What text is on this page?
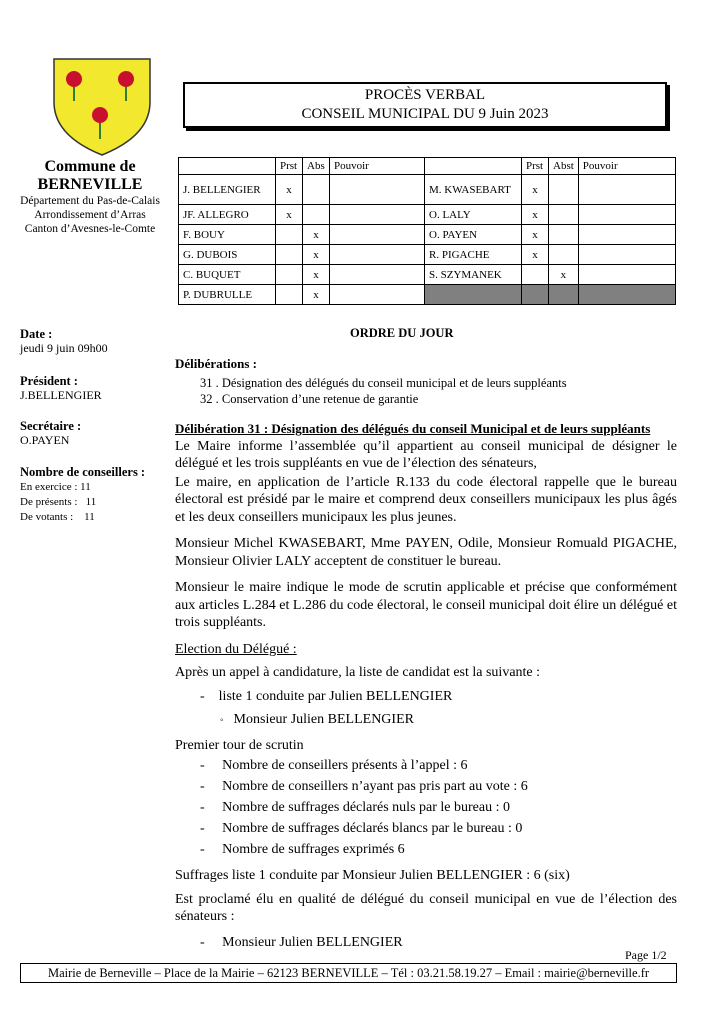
PROCÈS VERBAL
CONSEIL MUNICIPAL DU 9 Juin 2023
Commune de
BERNEVILLE
Département du Pas-de-Calais
Arrondissement d’Arras
Canton d’Avesnes-le-Comte
	Prst	Abs	Pouvoir		Prst	Abst	Pouvoir
J. BELLENGIER	x			M. KWASEBART	x		
JF. ALLEGRO	x			O. LALY	x		
F. BOUY		x		O. PAYEN	x		
G. DUBOIS		x		R. PIGACHE	x		
C. BUQUET		x		S. SZYMANEK		x	
P. DUBRULLE		x					
Date :
jeudi 9 juin 09h00
Président :
J.BELLENGIER
Secrétaire :
O.PAYEN
Nombre de conseillers :
En exercice : 11
De présents :   11
De votants :    11
ORDRE DU JOUR
Délibérations :
31 . Désignation des délégués du conseil municipal et de leurs suppléants
32 . Conservation d’une retenue de garantie
Délibération 31 : Désignation des délégués du conseil Municipal et de leurs suppléants
Le Maire informe l’assemblée qu’il appartient au conseil municipal de désigner le délégué et les trois suppléants en vue de l’élection des sénateurs,
Le maire, en application de l’article R.133 du code électoral rappelle que le bureau électoral est présidé par le maire et comprend deux conseillers municipaux les plus âgés et les deux conseillers municipaux les plus jeunes.
Monsieur Michel KWASEBART, Mme PAYEN, Odile, Monsieur Romuald PIGACHE, Monsieur Olivier LALY acceptent de constituer le bureau.
Monsieur le maire indique le mode de scrutin applicable et précise que conformément aux articles L.284 et L.286 du code électoral, le conseil municipal doit élire un délégué et trois suppléants.
Election du Délégué :
Après un appel à candidature, la liste de candidat est la suivante :
-    liste 1 conduite par Julien BELLENGIER
◦    Monsieur Julien BELLENGIER
Premier tour de scrutin
-     Nombre de conseillers présents à l’appel : 6
-     Nombre de conseillers n’ayant pas pris part au vote : 6
-     Nombre de suffrages déclarés nuls par le bureau : 0
-     Nombre de suffrages déclarés blancs par le bureau : 0
-     Nombre de suffrages exprimés 6
Suffrages liste 1 conduite par Monsieur Julien BELLENGIER : 6 (six)
Est proclamé élu en qualité de délégué du conseil municipal en vue de l’élection des sénateurs :
-     Monsieur Julien BELLENGIER
Page 1/2
Mairie de Berneville – Place de la Mairie – 62123 BERNEVILLE – Tél : 03.21.58.19.27 – Email : mairie@berneville.fr
